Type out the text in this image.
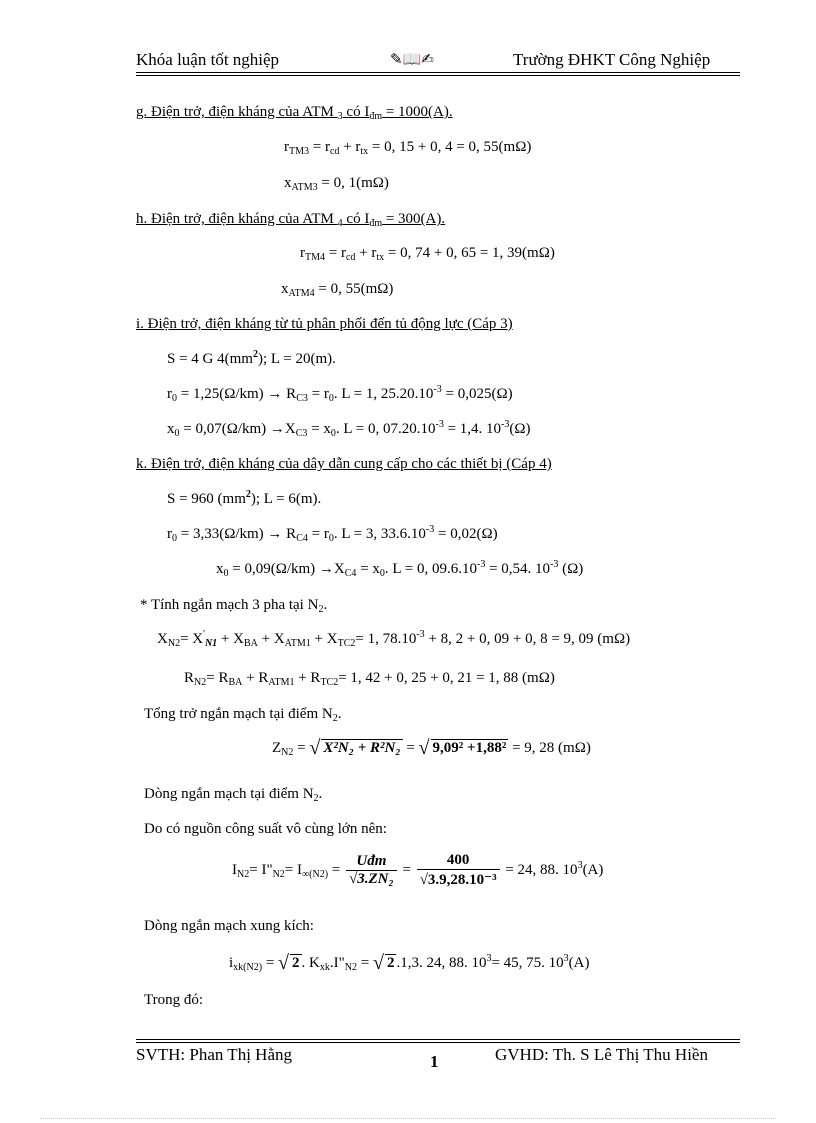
Khóa luận tốt nghiệp	✎📖✍	Trường ĐHKT Công Nghiệp
g. Điện trở, điện kháng của ATM $_3$ có $I_{đm} = 1000(A)$.
$r_{TM3} = r_{cd} + r_{tx} = 0$, 15 + 0, 4 = 0, 55(mΩ)
$x_{ATM3} = 0$, 1(mΩ)
h. Điện trở, điện kháng của ATM $_4$ có $I_{đm} = 300(A)$.
$r_{TM4} = r_{cd} + r_{tx} = 0$, 74 + 0, 65 = 1, 39(mΩ)
$x_{ATM4} = 0$, 55(mΩ)
i. Điện trở, điện kháng từ tủ phân phối đến tủ động lực (Cáp 3)
S = 4 G $4(mm^2)$; L = 20(m).
$r_0 = 1,25(\Omega/km) \to R_{C3} = r_0$. L = 1, $25.20.10^{-3} = 0,025(\Omega)$
$x_0 = 0,07(\Omega/km) \to X_{C3} = x_0$. L = 0, $07.20.10^{-3} = 1,4$. $10^{-3}(\Omega)$
k. Điện trở, điện kháng của dây dẫn cung cấp cho các thiết bị (Cáp 4)
S = 960 $(mm^2)$; L = 6(m).
$r_0 = 3,33(\Omega/km) \to R_{C4} = r_0$. L = 3, $33.6.10^{-3} = 0,02(\Omega)$
$x_0 = 0,09(\Omega/km) \to X_{C4} = x_0$. L = 0, $09.6.10^{-3} = 0,54$. $10^{-3}$ (Ω)
* Tính ngắn mạch 3 pha tại $N_2$.
$X_{N2}= X'_{N1} + X_{BA} + X_{ATM1} + X_{TC2}= 1$, $78.10^{-3} + 8$, 2 + 0, 09 + 0, 8 = 9, 09 (mΩ)
$R_{N2}= R_{BA} + R_{ATM1} + R_{TC2}= 1$, 42 + 0, 25 + 0, 21 = 1, 88 (mΩ)
Tổng trở ngắn mạch tại điểm $N_2$.
$Z_{N2}$ = √ X²N₂ + R²N₂ = √ 9,09² +1,88² = 9, 28 (mΩ)
Dòng ngắn mạch tại điểm $N_2$.
Do có nguồn công suất vô cùng lớn nên:
$I_{N2}=$ $I"_{N2}= I_{\infty(N2)} = \frac{\text{Uđm}}{\text{√3.ZN₂}} = \frac{400}{\text{√3.9,28.10⁻³}} = 24$, 88. $10^3(A)$
Dòng ngắn mạch xung kích:
$i_{xk(N2)}$ = √ 2 . $K_{xk}.I"_{N2}$ = √ 2 .1,3. 24, 88. $10^3= 45$, 75. $10^3(A)$
Trong đó:
SVTH: Phan Thị Hằng	1	GVHD: Th. S Lê Thị Thu Hiền
